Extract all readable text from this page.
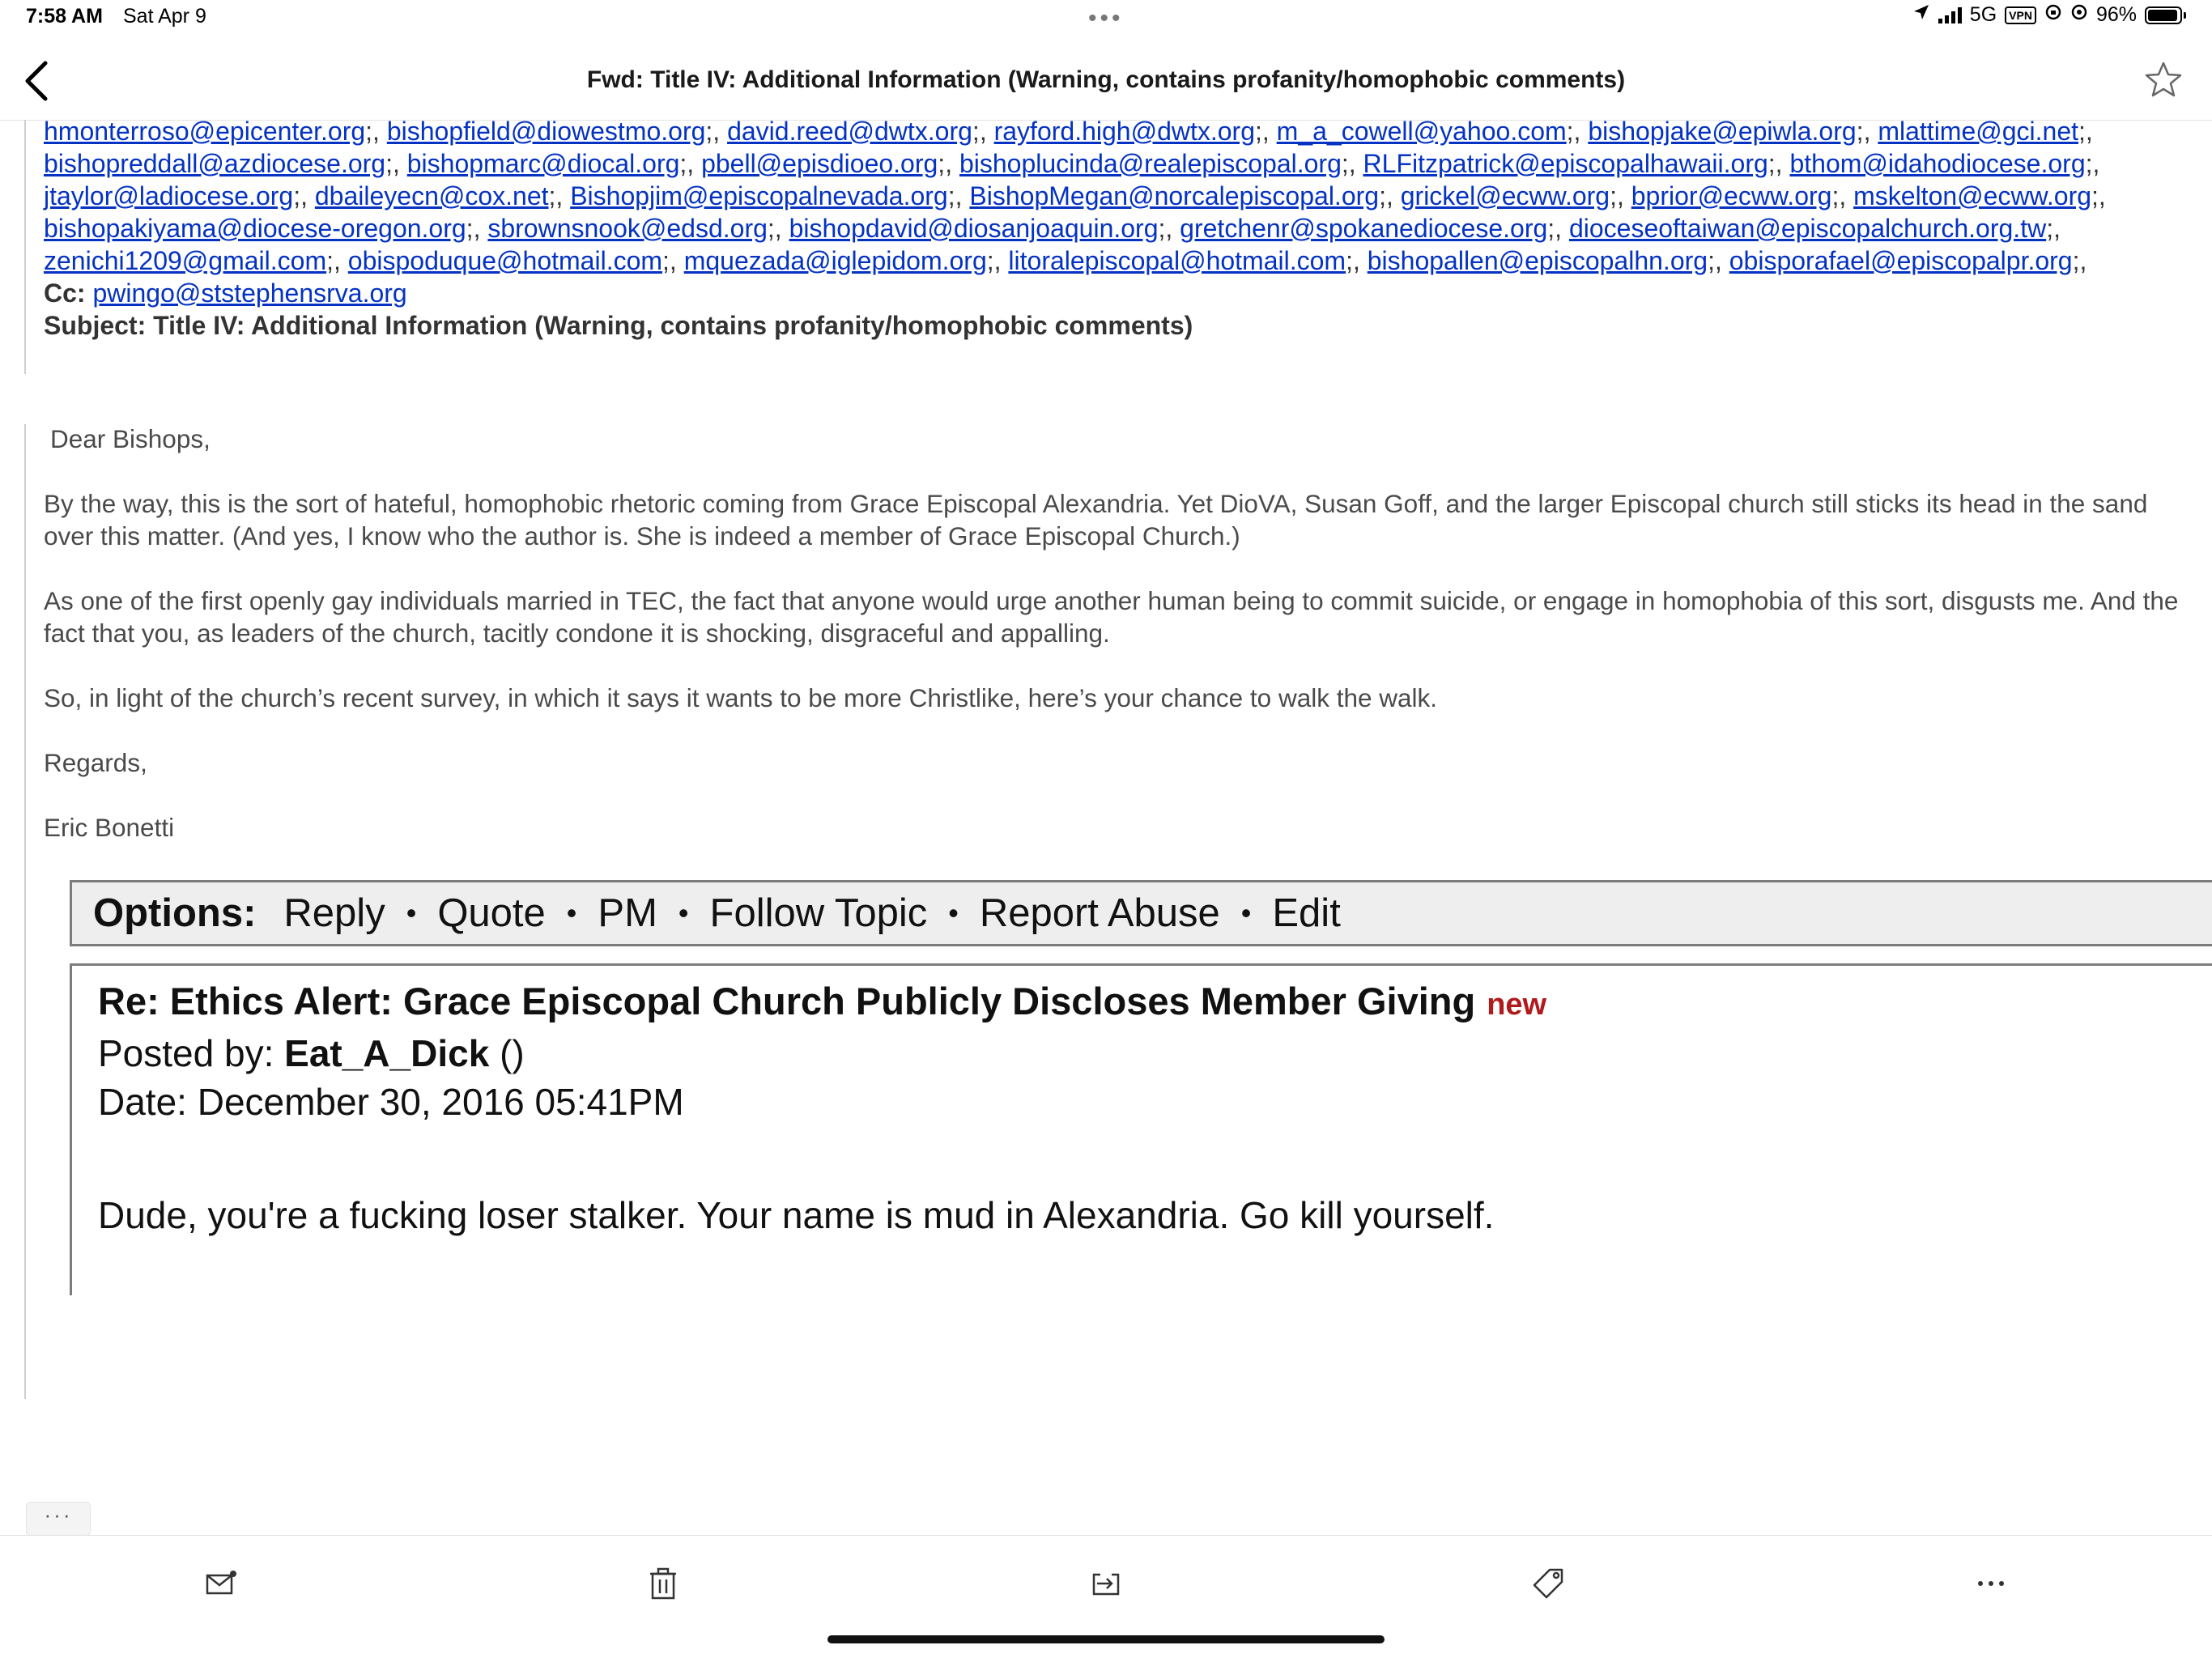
7:58 AM Sat Apr 9	•••	5G	VPN	96%
Fwd: Title IV: Additional Information (Warning, contains profanity/homophobic comments)
hmonterroso@epicenter.org;, bishopfield@diowestmo.org;, david.reed@dwtx.org;, rayford.high@dwtx.org;, m_a_cowell@yahoo.com;, bishopjake@epiwla.org;, mlattime@gci.net;,
bishopreddall@azdiocese.org;, bishopmarc@diocal.org;, pbell@episdioeo.org;, bishoplucinda@realepiscopal.org;, RLFitzpatrick@episcopalhawaii.org;, bthom@idahodiocese.org;,
jtaylor@ladiocese.org;, dbaileyecn@cox.net;, Bishopjim@episcopalnevada.org;, BishopMegan@norcalepiscopal.org;, grickel@ecww.org;, bprior@ecww.org;, mskelton@ecww.org;,
bishopakiyama@diocese-oregon.org;, sbrownsnook@edsd.org;, bishopdavid@diosanjoaquin.org;, gretchenr@spokanediocese.org;, dioceseoftaiwan@episcopalchurch.org.tw;,
zenichi1209@gmail.com;, obispoduque@hotmail.com;, mquezada@iglepidom.org;, litoralepiscopal@hotmail.com;, bishopallen@episcopalhn.org;, obisporafael@episcopalpr.org;,
Cc: pwingo@ststephensrva.org
Subject: Title IV: Additional Information (Warning, contains profanity/homophobic comments)

Dear Bishops,

By the way, this is the sort of hateful, homophobic rhetoric coming from Grace Episcopal Alexandria. Yet DioVA, Susan Goff, and the larger Episcopal church still sticks its head in the sand over this matter. (And yes, I know who the author is. She is indeed a member of Grace Episcopal Church.)

As one of the first openly gay individuals married in TEC, the fact that anyone would urge another human being to commit suicide, or engage in homophobia of this sort, disgusts me. And the fact that you, as leaders of the church, tacitly condone it is shocking, disgraceful and appalling.

So, in light of the church’s recent survey, in which it says it wants to be more Christlike, here’s your chance to walk the walk.

Regards,

Eric Bonetti

Options: Reply • Quote • PM • Follow Topic • Report Abuse • Edit
Re: Ethics Alert: Grace Episcopal Church Publicly Discloses Member Giving new
Posted by: Eat_A_Dick ()
Date: December 30, 2016 05:41PM
Dude, you're a fucking loser stalker. Your name is mud in Alexandria. Go kill yourself.
···
